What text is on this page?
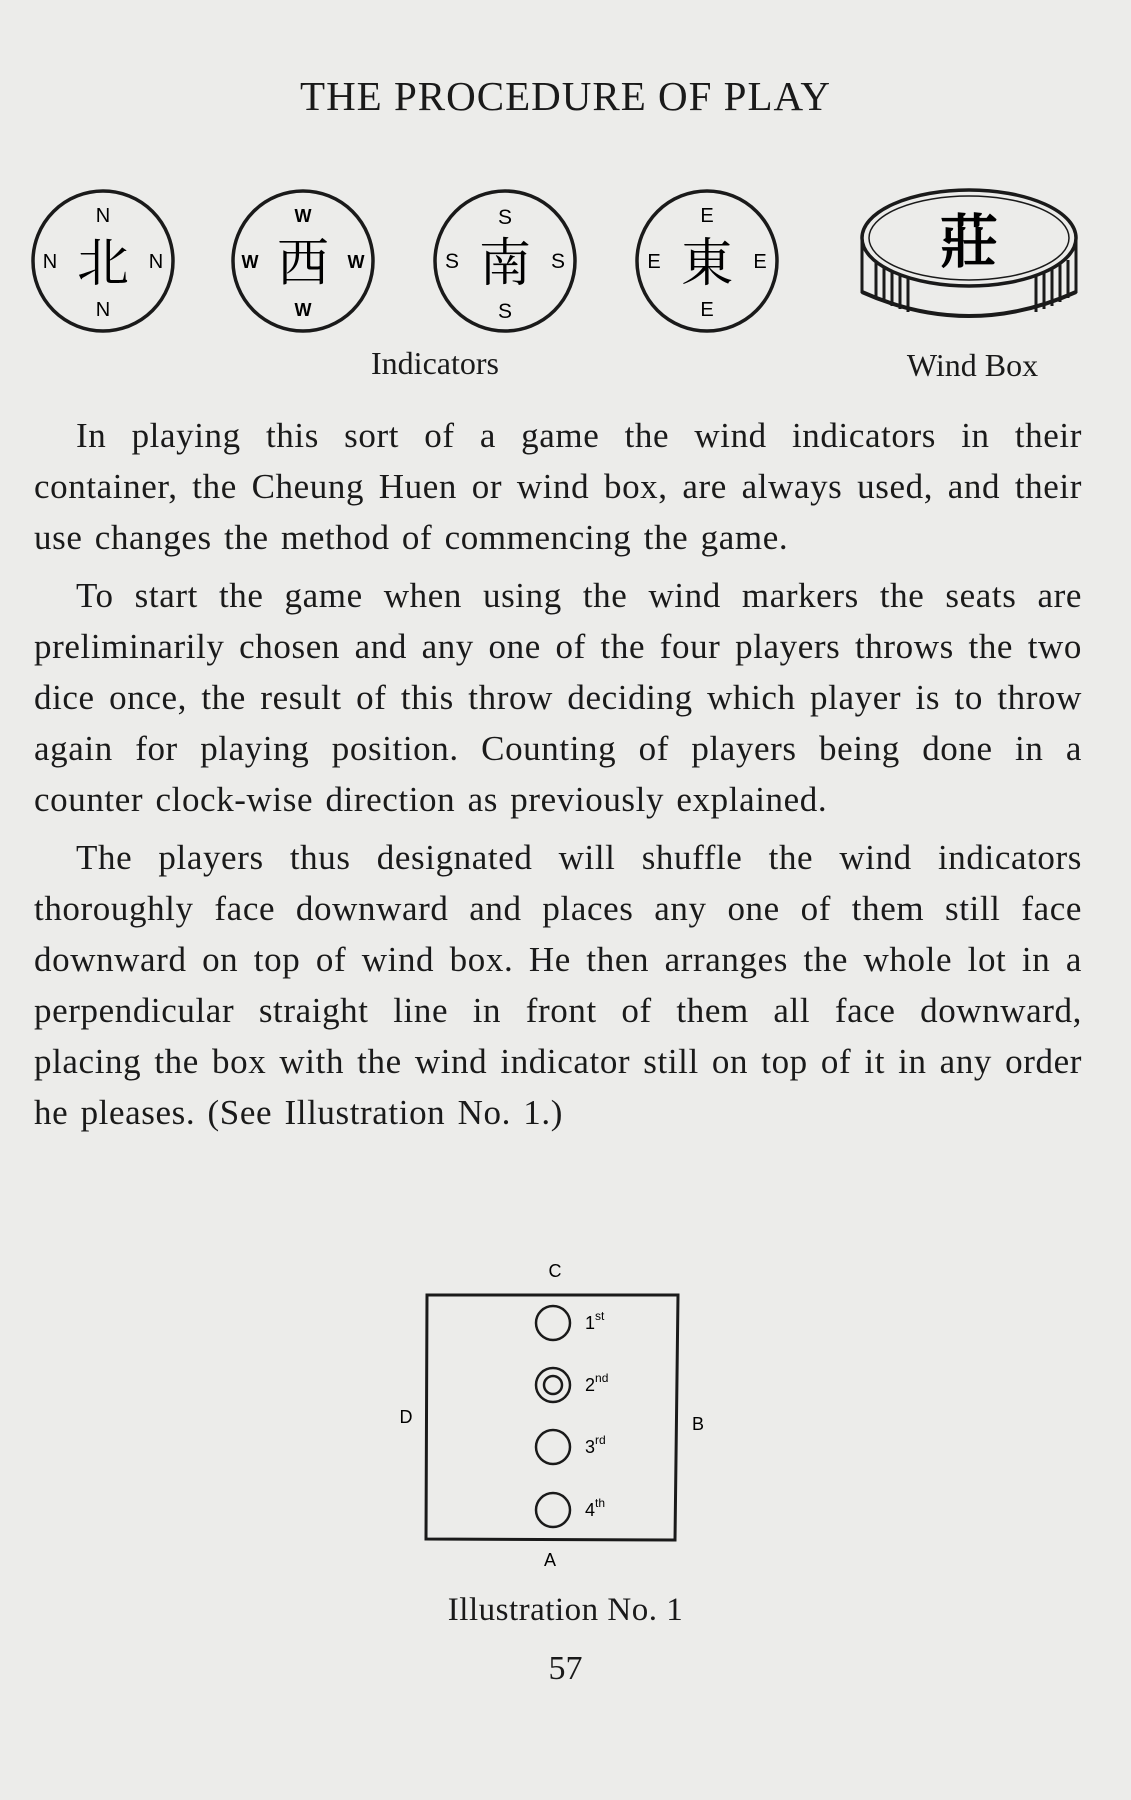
THE PROCEDURE OF PLAY
N
N
N	N
北
W
W
W	W
西
S
S
S	S
南
E
E
E	E
東	莊
Indicators	Wind Box

In playing this sort of a game the wind indicators in their container, the Cheung Huen or wind box, are always used, and their use changes the method of commencing the game.

To start the game when using the wind markers the seats are preliminarily chosen and any one of the four players throws the two dice once, the result of this throw deciding which player is to throw again for playing position. Counting of players being done in a counter clock-wise direction as previously explained.

The players thus designated will shuffle the wind indicators thoroughly face downward and places any one of them still face downward on top of wind box. He then arranges the whole lot in a perpendicular straight line in front of them all face downward, placing the box with the wind indicator still on top of it in any order he pleases. (See Illustration No. 1.)

C
A
D	B
1st
2nd
3rd
4th
Illustration No. 1
57
